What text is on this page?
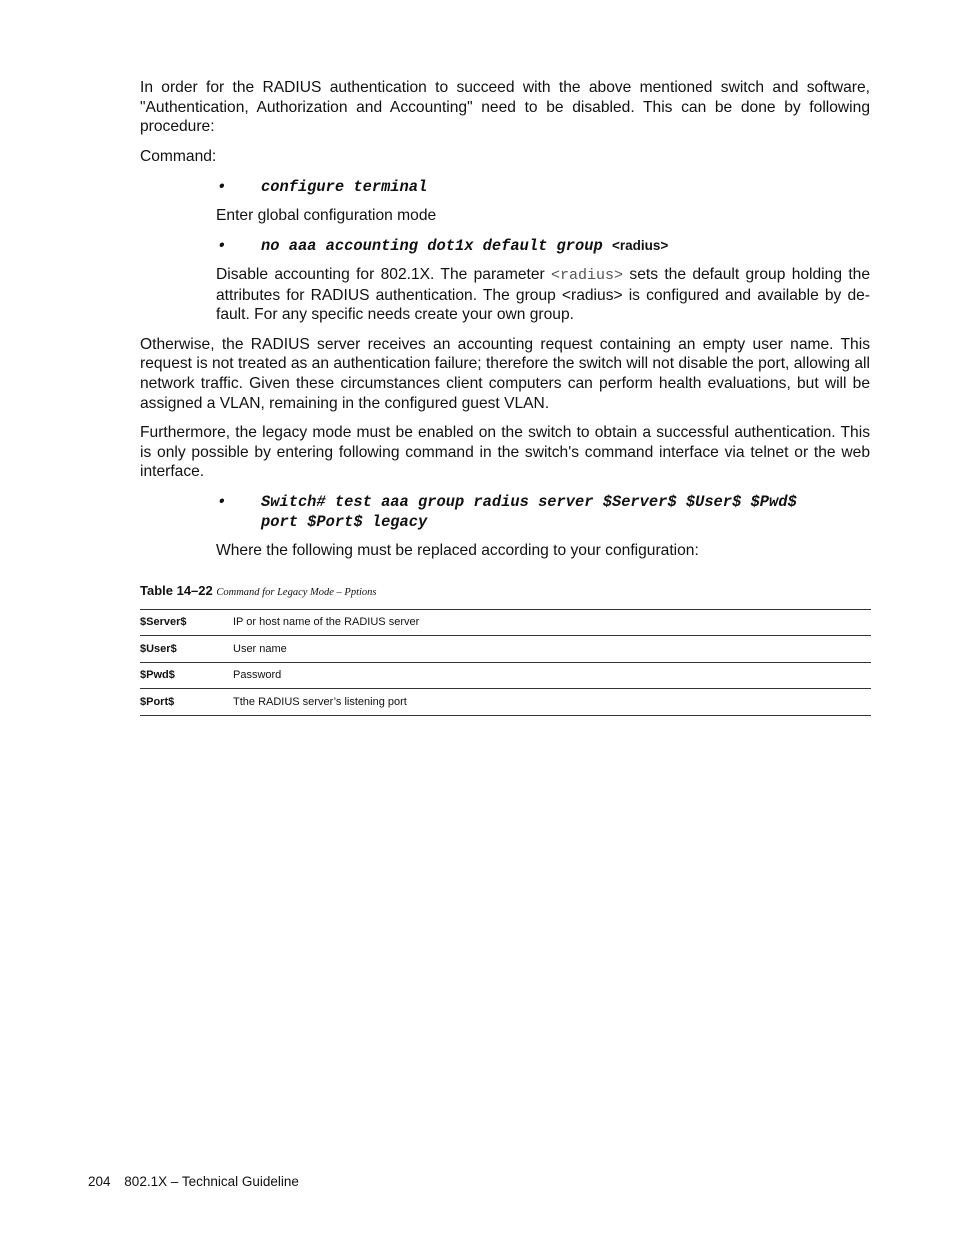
In order for the RADIUS authentication to succeed with the above mentioned switch and software, "Authentication, Authorization and Accounting" need to be disabled. This can be done by following procedure:

Command:

•	configure terminal

Enter global configuration mode

•	no aaa accounting dot1x default group <radius>

Disable accounting for 802.1X. The parameter <radius> sets the default group holding the attributes for RADIUS authentication. The group <radius> is configured and available by de-fault. For any specific needs create your own group.

Otherwise, the RADIUS server receives an accounting request containing an empty user name. This request is not treated as an authentication failure; therefore the switch will not disable the port, allowing all network traffic. Given these circumstances client computers can perform health evaluations, but will be assigned a VLAN, remaining in the configured guest VLAN.

Furthermore, the legacy mode must be enabled on the switch to obtain a successful authentication. This is only possible by entering following command in the switch's command interface via telnet or the web interface.

•	Switch# test aaa group radius server $Server$ $User$ $Pwd$
port $Port$ legacy

Where the following must be replaced according to your configuration:

Table 14–22 Command for Legacy Mode – Pptions
$Server$	IP or host name of the RADIUS server
$User$	User name
$Pwd$	Password
$Port$	Tthe RADIUS server’s listening port
204 802.1X – Technical Guideline
